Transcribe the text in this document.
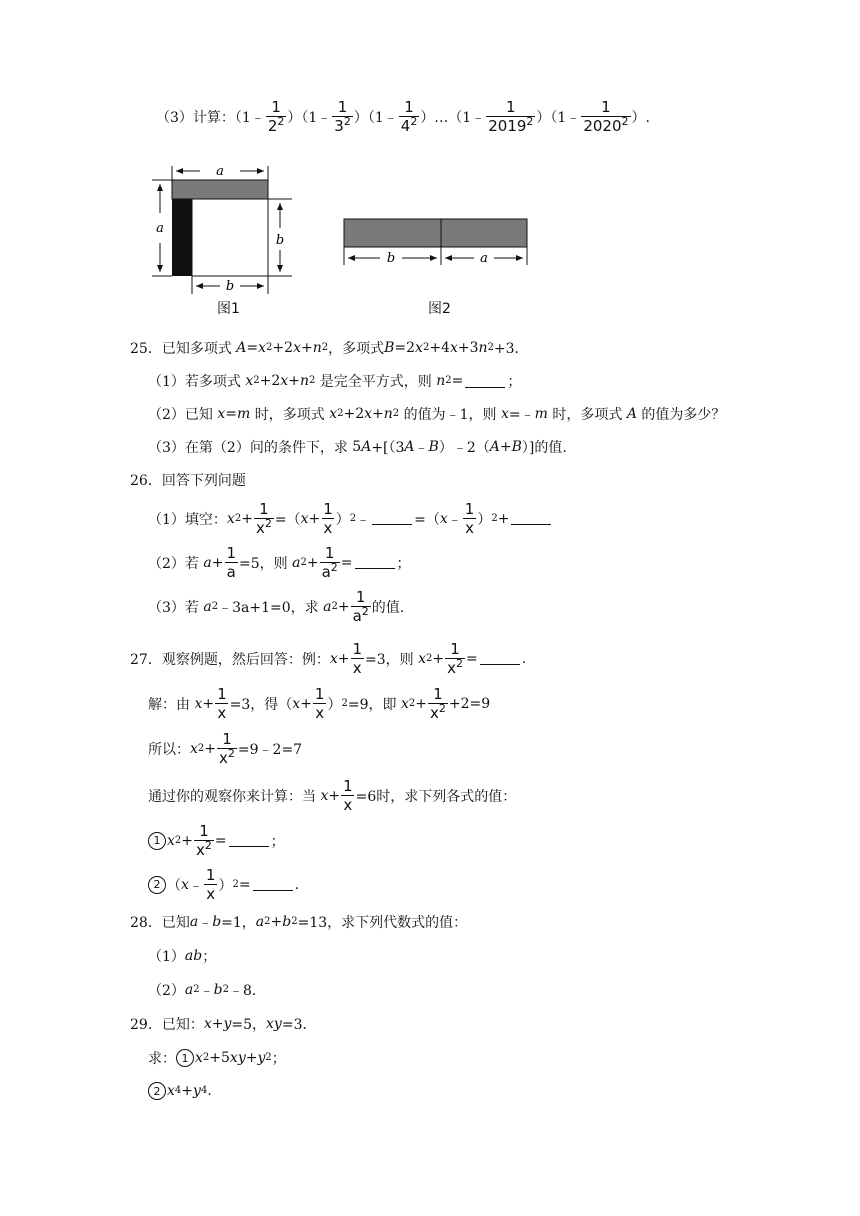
（3）计算：（1﹣ $\frac{1}{2^2}$ ）（1﹣ $\frac{1}{3^2}$ ）（1﹣ $\frac{1}{4^2}$ ）…（1﹣ $\frac{1}{2019^2}$ ）（1﹣ $\frac{1}{2020^2}$ ）.
a
a
b
b
图1
b	a
图2
25． 已知多项式
A = x 2 +2 x + n 2 ，多项式 B =2 x 2 +4 x +3 n 2 +3．
（1）若多项式
x 2 +2 x + n 2
是完全平方式，则
n 2 =	；
（2）已知
x = m
时，多项式
x 2 +2 x + n 2
的值为﹣1，则
x =﹣ m
时，多项式
A
的值为多少？
（3）在第（2）问的条件下，求 5 A +[（3 A ﹣ B ）﹣2（ A + B ）] 的值.
26． 回答下列问题
（1）填空： x $2 + \frac{1}{x^2}$ =（ $x + \frac{1}{x}$ ） 2 ﹣	=（ x ﹣ $\frac{1}{x}$ ） 2 +
（2）若
$a + \frac{1}{a} =5$，则
a $2 + \frac{1}{a^2}$ =	；
（3）若
a 2 ﹣3a+1=0，求
a $2 + \frac{1}{a^2}$ 的值.
27． 观察例题，然后回答：例： $x + \frac{1}{x} =3$，则
x $2 + \frac{1}{x^2}$ =	.
解：由
$x + \frac{1}{x} =3$，得（ $x + \frac{1}{x}$ ） 2 =9，即
x $2 + \frac{1}{x^2} +2=9$
所以： x $2 + \frac{1}{x^2}$ =9﹣2=7
通过你的观察你来计算：当
$x + \frac{1}{x} =6$时，求下列各式的值：
1 x $2 + \frac{1}{x^2}$ =	；
2 （ x ﹣ $\frac{1}{x}$ ） 2 =	.
28． 已知 a ﹣ b =1， a 2 + b 2 =13，求下列代数式的值：
（1） ab ；
（2） a 2 ﹣ b 2 ﹣8．
29． 已知： x + y =5， xy =3．
求： 1 x 2 +5 xy + y 2 ；
2 x 4 + y 4 .
